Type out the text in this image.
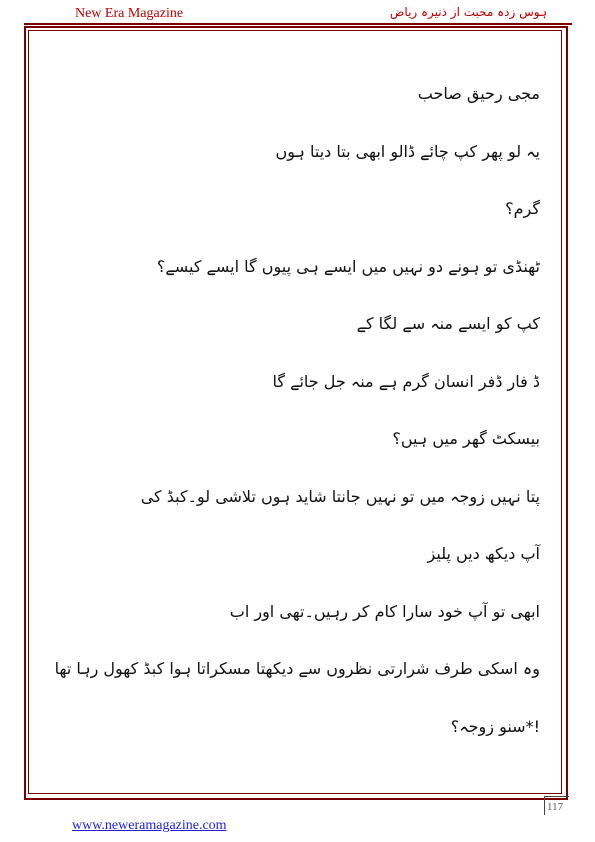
New Era Magazine	ہوس زدہ محبت از ذنیرہ ریاض
مجی رحیق صاحب
یہ لو پھر کپ چائے ڈالو ابھی بتا دیتا ہوں
گرم؟
ٹھنڈی تو ہونے دو نہیں میں ایسے ہی پیوں گا ایسے کیسے؟
کپ کو ایسے منہ سے لگا کے
ڈ فار ڈفر انسان گرم ہے منہ جل جائے گا
بیسکٹ گھر میں ہیں؟
پتا نہیں زوجہ میں تو نہیں جانتا شاید ہوں تلاشی لو۔کبڈ کی
آپ دیکھ دیں پلیز
ابھی تو آپ خود سارا کام کر رہیں۔تھی اور اب
وہ اسکی طرف شرارتی نظروں سے دیکھتا مسکراتا ہوا کبڈ کھول رہا تھا
!*سنو زوجہ؟
117
www.neweramagazine.com
